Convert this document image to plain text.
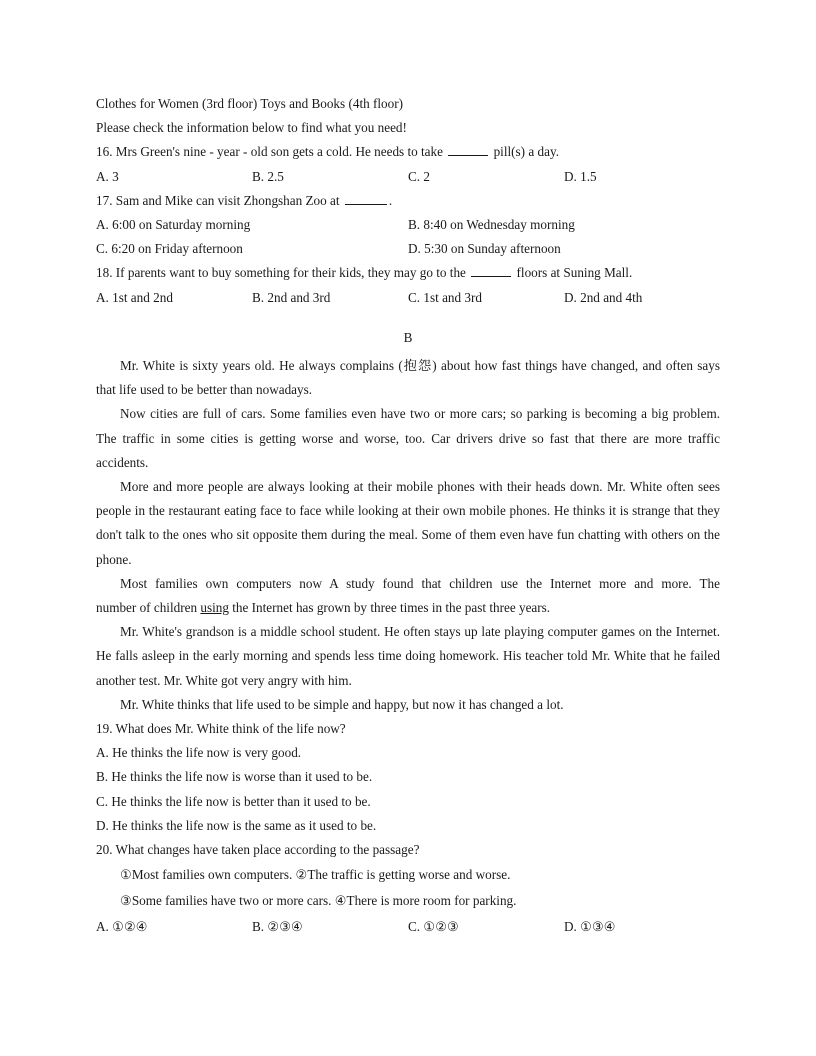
Clothes for Women (3rd floor) Toys and Books (4th floor)
Please check the information below to find what you need!
16. Mrs Green's nine - year - old son gets a cold. He needs to take	pill(s) a day.
A. 3	B. 2.5	C. 2	D. 1.5
17. Sam and Mike can visit Zhongshan Zoo at	.
A. 6:00 on Saturday morning	B. 8:40 on Wednesday morning
C. 6:20 on Friday afternoon	D. 5:30 on Sunday afternoon
18. If parents want to buy something for their kids, they may go to the	floors at Suning Mall.
A. 1st and 2nd	B. 2nd and 3rd	C. 1st and 3rd	D. 2nd and 4th
B
Mr. White is sixty years old. He always complains (抱怨) about how fast things have changed, and often says that life used to be better than nowadays.
Now cities are full of cars. Some families even have two or more cars; so parking is becoming a big problem. The traffic in some cities is getting worse and worse, too. Car drivers drive so fast that there are more traffic accidents.
More and more people are always looking at their mobile phones with their heads down. Mr. White often sees people in the restaurant eating face to face while looking at their own mobile phones. He thinks it is strange that they don't talk to the ones who sit opposite them during the meal. Some of them even have fun chatting with others on the phone.
Most families own computers now A study found that children use the Internet more and more. The
number of children using the Internet has grown by three times in the past three years.
Mr. White's grandson is a middle school student. He often stays up late playing computer games on the Internet. He falls asleep in the early morning and spends less time doing homework. His teacher told Mr. White that he failed another test. Mr. White got very angry with him.
Mr. White thinks that life used to be simple and happy, but now it has changed a lot.
19. What does Mr. White think of the life now?
A. He thinks the life now is very good.
B. He thinks the life now is worse than it used to be.
C. He thinks the life now is better than it used to be.
D. He thinks the life now is the same as it used to be.
20. What changes have taken place according to the passage?
①Most families own computers. ②The traffic is getting worse and worse.
③Some families have two or more cars. ④There is more room for parking.
A. ①②④	B. ②③④	C. ①②③	D. ①③④
